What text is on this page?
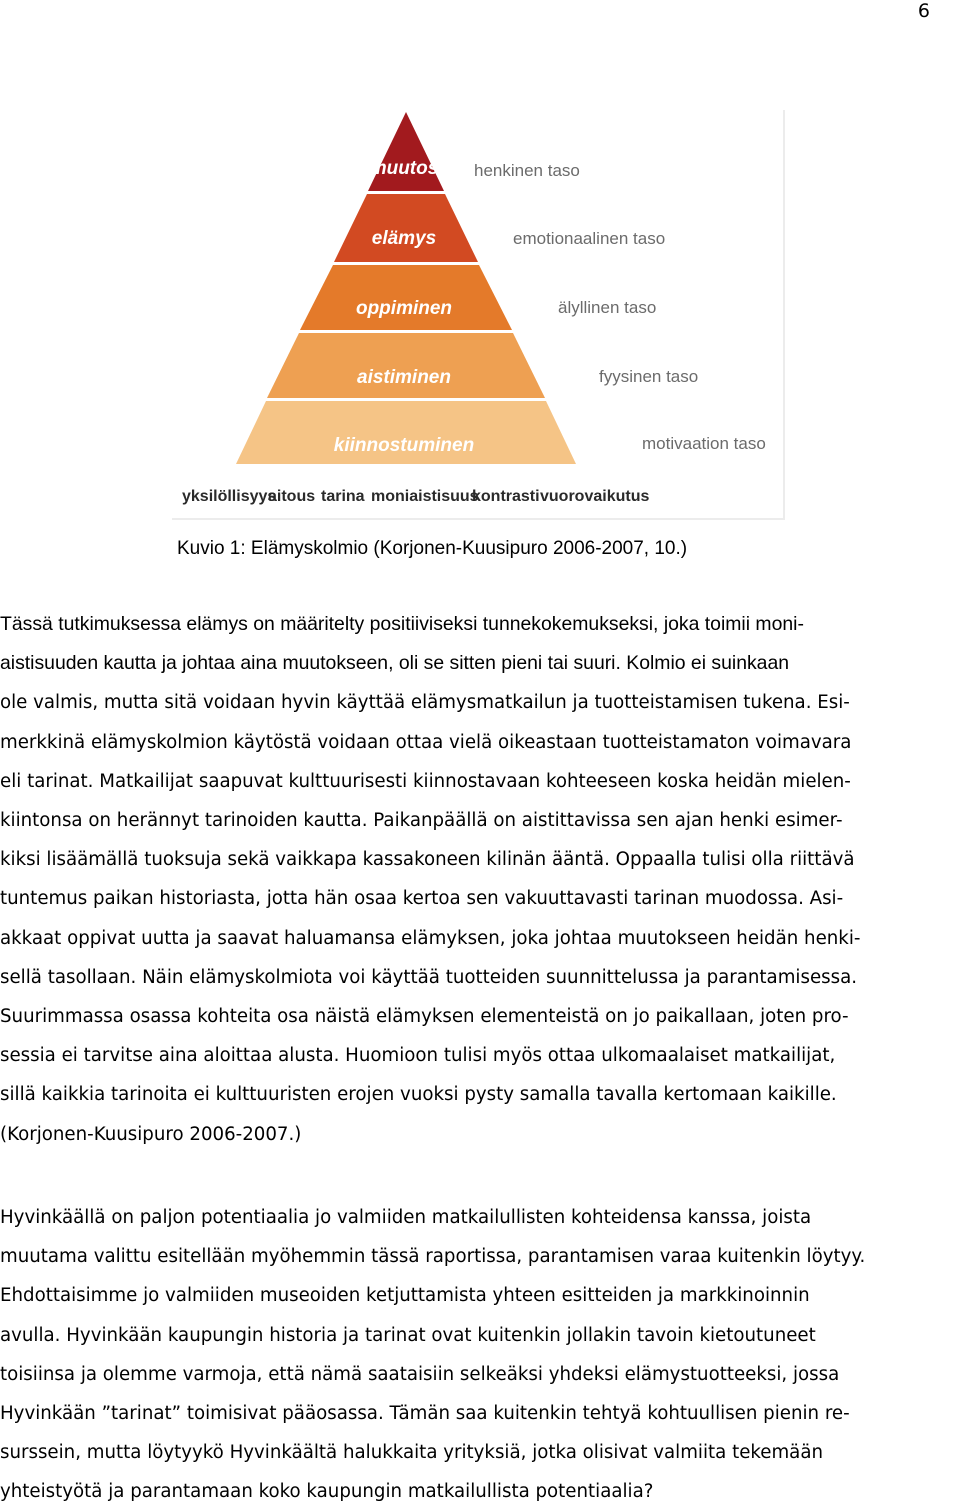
6
muutos
elämys
oppiminen
aistiminen
kiinnostuminen
henkinen taso
emotionaalinen taso
älyllinen taso
fyysinen taso
motivaation taso
yksilöllisyys
aitous tarina moniaistisuus
kontrasti vuorovaikutus
Kuvio 1: Elämyskolmio (Korjonen-Kuusipuro 2006-2007, 10.)
Tässä tutkimuksessa elämys on määritelty positiiviseksi tunnekokemukseksi, joka toimii moni-
aistisuuden kautta ja johtaa aina muutokseen, oli se sitten pieni tai suuri. Kolmio ei suinkaan
ole valmis, mutta sitä voidaan hyvin käyttää elämysmatkailun ja tuotteistamisen tukena. Esi-
merkkinä elämyskolmion käytöstä voidaan ottaa vielä oikeastaan tuotteistamaton voimavara
eli tarinat. Matkailijat saapuvat kulttuurisesti kiinnostavaan kohteeseen koska heidän mielen-
kiintonsa on herännyt tarinoiden kautta. Paikanpäällä on aistittavissa sen ajan henki esimer-
kiksi lisäämällä tuoksuja sekä vaikkapa kassakoneen kilinän ääntä. Oppaalla tulisi olla riittävä
tuntemus paikan historiasta, jotta hän osaa kertoa sen vakuuttavasti tarinan muodossa. Asi-
akkaat oppivat uutta ja saavat haluamansa elämyksen, joka johtaa muutokseen heidän henki-
sellä tasollaan. Näin elämyskolmiota voi käyttää tuotteiden suunnittelussa ja parantamisessa.
Suurimmassa osassa kohteita osa näistä elämyksen elementeistä on jo paikallaan, joten pro-
sessia ei tarvitse aina aloittaa alusta. Huomioon tulisi myös ottaa ulkomaalaiset matkailijat,
sillä kaikkia tarinoita ei kulttuuristen erojen vuoksi pysty samalla tavalla kertomaan kaikille.
(Korjonen-Kuusipuro 2006-2007.)
Hyvinkäällä on paljon potentiaalia jo valmiiden matkailullisten kohteidensa kanssa, joista
muutama valittu esitellään myöhemmin tässä raportissa, parantamisen varaa kuitenkin löytyy.
Ehdottaisimme jo valmiiden museoiden ketjuttamista yhteen esitteiden ja markkinoinnin
avulla. Hyvinkään kaupungin historia ja tarinat ovat kuitenkin jollakin tavoin kietoutuneet
toisiinsa ja olemme varmoja, että nämä saataisiin selkeäksi yhdeksi elämystuotteeksi, jossa
Hyvinkään ”tarinat” toimisivat pääosassa. Tämän saa kuitenkin tehtyä kohtuullisen pienin re-
surssein, mutta löytyykö Hyvinkäältä halukkaita yrityksiä, jotka olisivat valmiita tekemään
yhteistyötä ja parantamaan koko kaupungin matkailullista potentiaalia?
